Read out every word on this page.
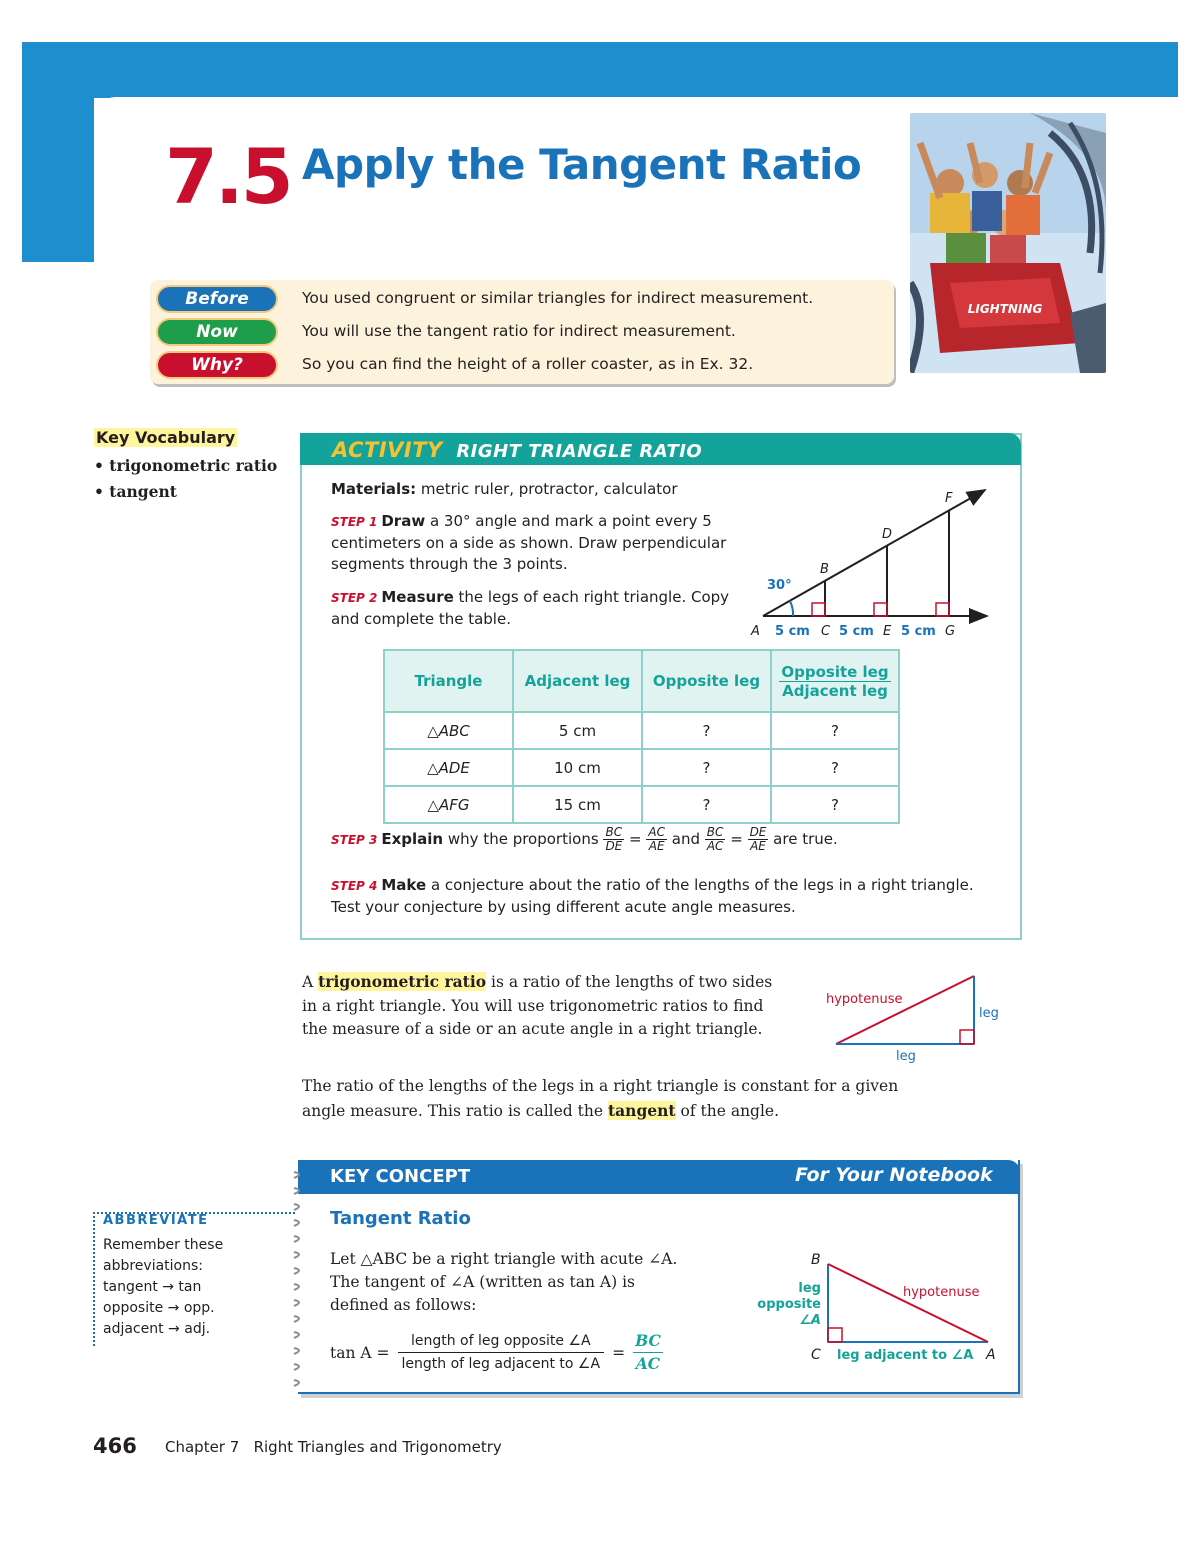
7.5 Apply the Tangent Ratio
LIGHTNING
Before
Now
Why?
You used congruent or similar triangles for indirect measurement.
You will use the tangent ratio for indirect measurement.
So you can find the height of a roller coaster, as in Ex. 32.
Key Vocabulary
• trigonometric ratio
• tangent
ACTIVITY RIGHT TRIANGLE RATIO
Materials: metric ruler, protractor, calculator
STEP 1 Draw a 30° angle and mark a point every 5 centimeters on a side as shown. Draw perpendicular segments through the 3 points.
STEP 2 Measure the legs of each right triangle. Copy and complete the table.
30°
A	C	E	G
B
D
F
5 cm 5 cm 5 cm
Triangle	Adjacent leg	Opposite leg	Opposite leg
Adjacent leg
△ABC	5 cm	?	?
△ADE	10 cm	?	?
△AFG	15 cm	?	?
STEP 3 Explain why the proportions $\frac{BC}{DE} = \frac{AC}{AE}$ and $\frac{BC}{AC} = \frac{DE}{AE}$ are true.
STEP 4 Make a conjecture about the ratio of the lengths of the legs in a right triangle. Test your conjecture by using different acute angle measures.
A trigonometric ratio is a ratio of the lengths of two sides in a right triangle. You will use trigonometric ratios to find the measure of a side or an acute angle in a right triangle.
hypotenuse
leg
leg
The ratio of the lengths of the legs in a right triangle is constant for a given angle measure. This ratio is called the tangent of the angle.
ABBREVIATE
Remember these
abbreviations:
tangent → tan
opposite → opp.
adjacent → adj.
KEY CONCEPT	For Your Notebook
Tangent Ratio
Let △ABC be a right triangle with acute ∠A.
The tangent of ∠A (written as tan A) is
defined as follows:
tan A =
length of leg opposite ∠A
length of leg adjacent to ∠A
= $\frac{BC}{AC}$
B
C	A
leg
opposite
∠A
hypotenuse
leg adjacent to ∠A
466 Chapter 7   Right Triangles and Trigonometry
